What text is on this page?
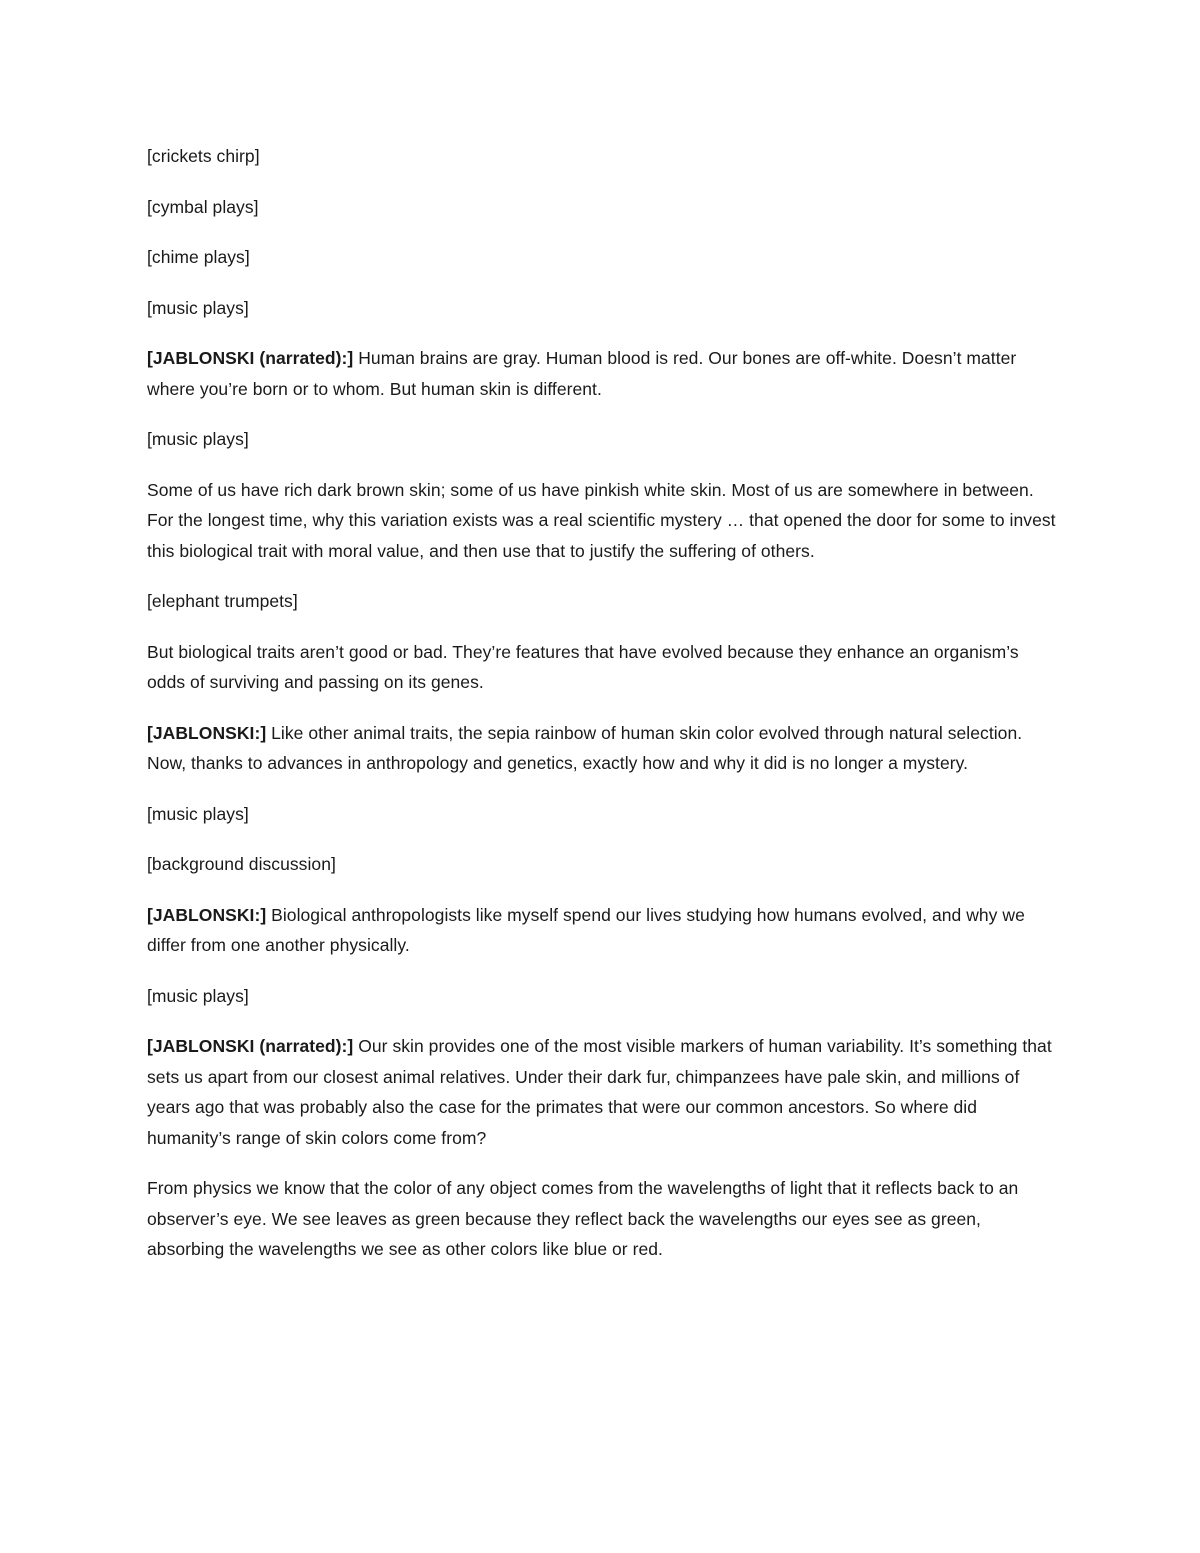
[crickets chirp]

[cymbal plays]

[chime plays]

[music plays]

[JABLONSKI (narrated):] Human brains are gray. Human blood is red. Our bones are off-white. Doesn’t matter where you’re born or to whom. But human skin is different.

[music plays]

Some of us have rich dark brown skin; some of us have pinkish white skin. Most of us are somewhere in between. For the longest time, why this variation exists was a real scientific mystery … that opened the door for some to invest this biological trait with moral value, and then use that to justify the suffering of others.

[elephant trumpets]

But biological traits aren’t good or bad. They’re features that have evolved because they enhance an organism’s odds of surviving and passing on its genes.

[JABLONSKI:] Like other animal traits, the sepia rainbow of human skin color evolved through natural selection. Now, thanks to advances in anthropology and genetics, exactly how and why it did is no longer a mystery.

[music plays]

[background discussion]

[JABLONSKI:] Biological anthropologists like myself spend our lives studying how humans evolved, and why we differ from one another physically.

[music plays]

[JABLONSKI (narrated):] Our skin provides one of the most visible markers of human variability. It’s something that sets us apart from our closest animal relatives. Under their dark fur, chimpanzees have pale skin, and millions of years ago that was probably also the case for the primates that were our common ancestors. So where did humanity’s range of skin colors come from?

From physics we know that the color of any object comes from the wavelengths of light that it reflects back to an observer’s eye. We see leaves as green because they reflect back the wavelengths our eyes see as green, absorbing the wavelengths we see as other colors like blue or red.
